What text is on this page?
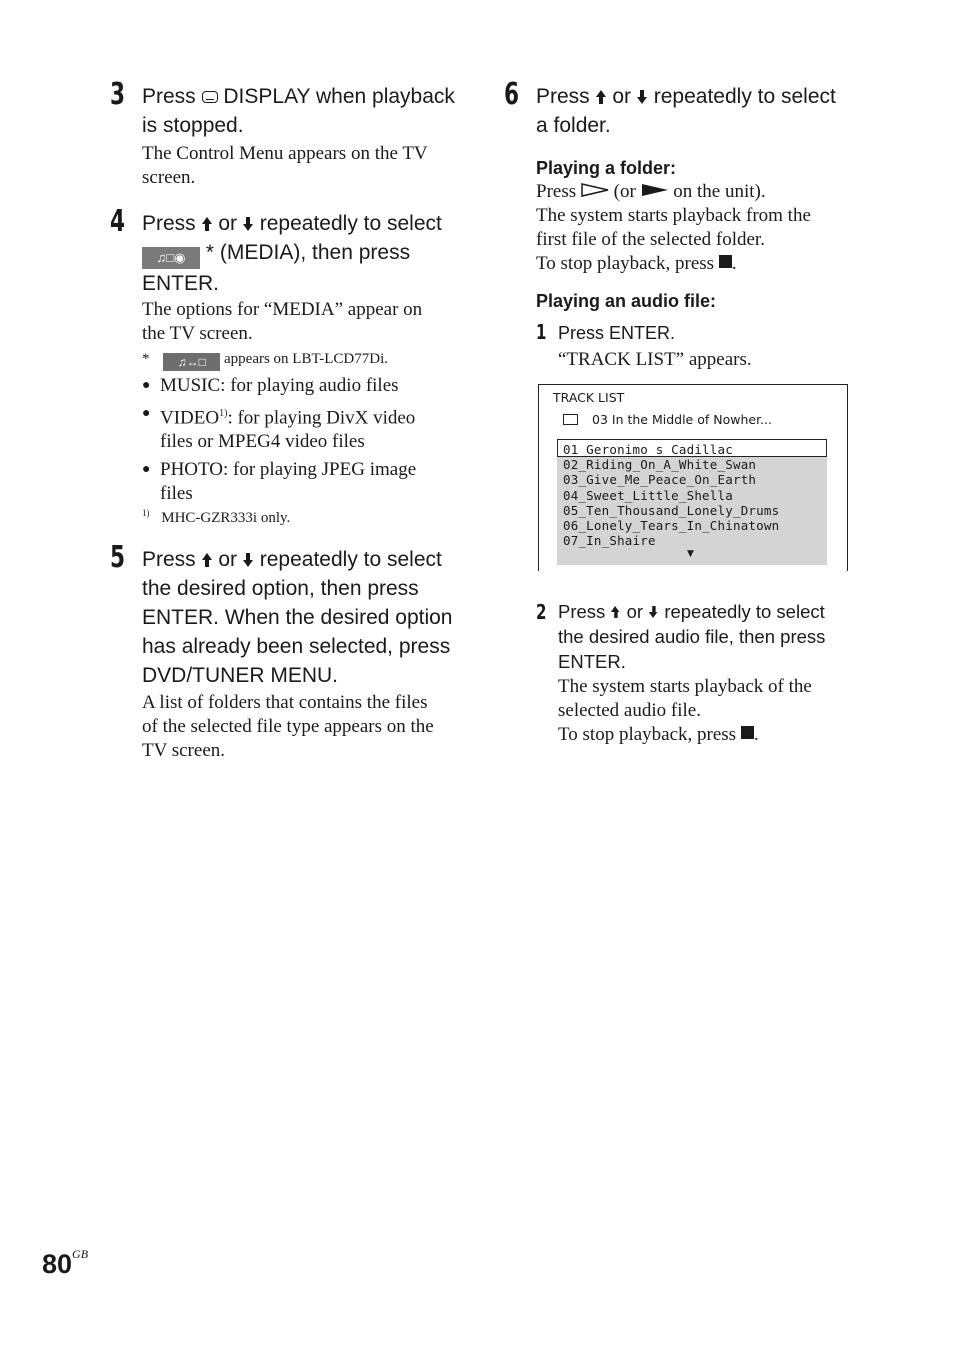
3 Press DISPLAY when playback
is stopped.
The Control Menu appears on the TV
screen.
4 Press or repeatedly to select
♫□◉ * (MEDIA), then press
ENTER.
The options for “MEDIA” appear on
the TV screen.
* ♫↔□ appears on LBT-LCD77Di.
● MUSIC: for playing audio files
● VIDEO$^{1)}$: for playing DivX video
files or MPEG4 video files
● PHOTO: for playing JPEG image
files
$^{1)}$ MHC-GZR333i only.
5 Press or repeatedly to select
the desired option, then press
ENTER. When the desired option
has already been selected, press
DVD/TUNER MENU.
A list of folders that contains the files
of the selected file type appears on the
TV screen.
6 Press or repeatedly to select
a folder.
Playing a folder:
Press (or on the unit).
The system starts playback from the
first file of the selected folder.
To stop playback, press .
Playing an audio file:
1 Press ENTER.
“TRACK LIST” appears.
2 Press or repeatedly to select
the desired audio file, then press
ENTER.
The system starts playback of the
selected audio file.
To stop playback, press .
TRACK LIST
03 In the Middle of Nowher...
01_Geronimo_s_Cadillac
02_Riding_On_A_White_Swan
03_Give_Me_Peace_On_Earth
04_Sweet_Little_Shella
05_Ten_Thousand_Lonely_Drums
06_Lonely_Tears_In_Chinatown
07_In_Shaire
▼
$80^{GB}$
